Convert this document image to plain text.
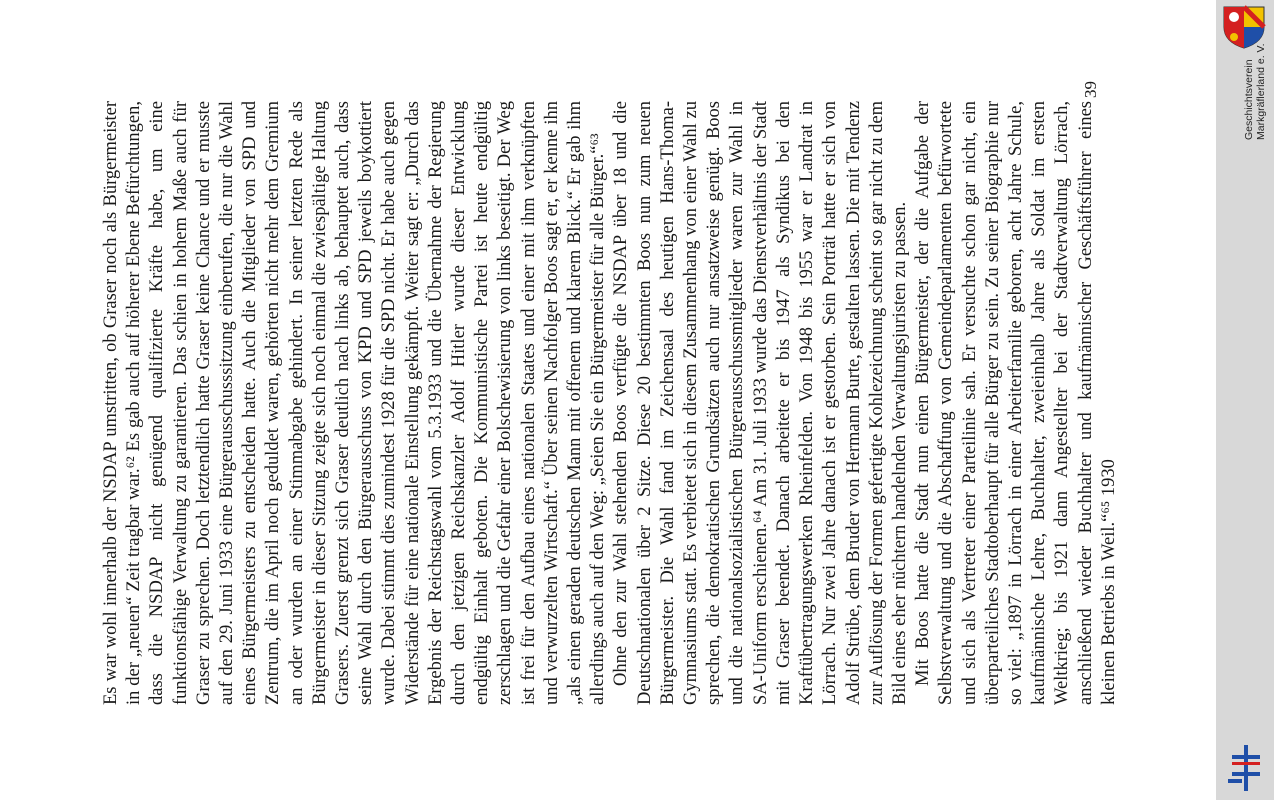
Es war wohl innerhalb der NSDAP umstritten, ob Graser noch als Bürgermeister in der „neuen“ Zeit tragbar war.⁶² Es gab auch auf höherer Ebene Befürchtungen, dass die NSDAP nicht genügend qualifizierte Kräfte habe, um eine funktionsfähige Verwaltung zu garantieren. Das schien in hohem Maße auch für Graser zu sprechen. Doch letztendlich hatte Graser keine Chance und er musste auf den 29. Juni 1933 eine Bürgerausschusssitzung einberufen, die nur die Wahl eines Bürgermeisters zu entscheiden hatte. Auch die Mitglieder von SPD und Zentrum, die im April noch geduldet waren, gehörten nicht mehr dem Gremium an oder wurden an einer Stimmabgabe gehindert. In seiner letzten Rede als Bürgermeister in dieser Sitzung zeigte sich noch einmal die zwiespältige Haltung Grasers. Zuerst grenzt sich Graser deutlich nach links ab, behauptet auch, dass seine Wahl durch den Bürgerausschuss von KPD und SPD jeweils boykottiert wurde. Dabei stimmt dies zumindest 1928 für die SPD nicht. Er habe auch gegen Widerstände für eine nationale Einstellung gekämpft. Weiter sagt er: „Durch das Ergebnis der Reichstagswahl vom 5.3.1933 und die Übernahme der Regierung durch den jetzigen Reichskanzler Adolf Hitler wurde dieser Entwicklung endgültig Einhalt geboten. Die Kommunistische Partei ist heute endgültig zerschlagen und die Gefahr einer Bolschewisierung von links beseitigt. Der Weg ist frei für den Aufbau eines nationalen Staates und einer mit ihm verknüpften und verwurzelten Wirtschaft.“ Über seinen Nachfolger Boos sagt er, er kenne ihn „als einen geraden deutschen Mann mit offenem und klarem Blick.“ Er gab ihm allerdings auch auf den Weg: „Seien Sie ein Bürgermeister für alle Bürger.“⁶³ Ohne den zur Wahl stehenden Boos verfügte die NSDAP über 18 und die Deutschnationalen über 2 Sitze. Diese 20 bestimmten Boos nun zum neuen Bürgermeister. Die Wahl fand im Zeichensaal des heutigen Hans-Thoma-Gymnasiums statt. Es verbietet sich in diesem Zusammenhang von einer Wahl zu sprechen, die demokratischen Grundsätzen auch nur ansatzweise genügt. Boos und die nationalsozialistischen Bürgerausschussmitglieder waren zur Wahl in SA-Uniform erschienen.⁶⁴ Am 31. Juli 1933 wurde das Dienstverhältnis der Stadt mit Graser beendet. Danach arbeitete er bis 1947 als Syndikus bei den Kraftübertragungswerken Rheinfelden. Von 1948 bis 1955 war er Landrat in Lörrach. Nur zwei Jahre danach ist er gestorben. Sein Porträt hatte er sich von Adolf Strübe, dem Bruder von Hermann Burte, gestalten lassen. Die mit Tendenz zur Auflösung der Formen gefertigte Kohlezeichnung scheint so gar nicht zu dem Bild eines eher nüchtern handelnden Verwaltungsjuristen zu passen. Mit Boos hatte die Stadt nun einen Bürgermeister, der die Aufgabe der Selbstverwaltung und die Abschaffung von Gemeindeparlamenten befürwortete und sich als Vertreter einer Parteilinie sah. Er versuchte schon gar nicht, ein überparteiliches Stadtoberhaupt für alle Bürger zu sein. Zu seiner Biographie nur so viel: „1897 in Lörrach in einer Arbeiterfamilie geboren, acht Jahre Schule, kaufmännische Lehre, Buchhalter, zweieinhalb Jahre als Soldat im ersten Weltkrieg; bis 1921 dann Angestellter bei der Stadtverwaltung Lörrach, anschließend wieder Buchhalter und kaufmännischer Geschäftsführer eines kleinen Betriebs in Weil.“⁶⁵ 1930

39	Geschichtsverein Markgräflerland e. V.
